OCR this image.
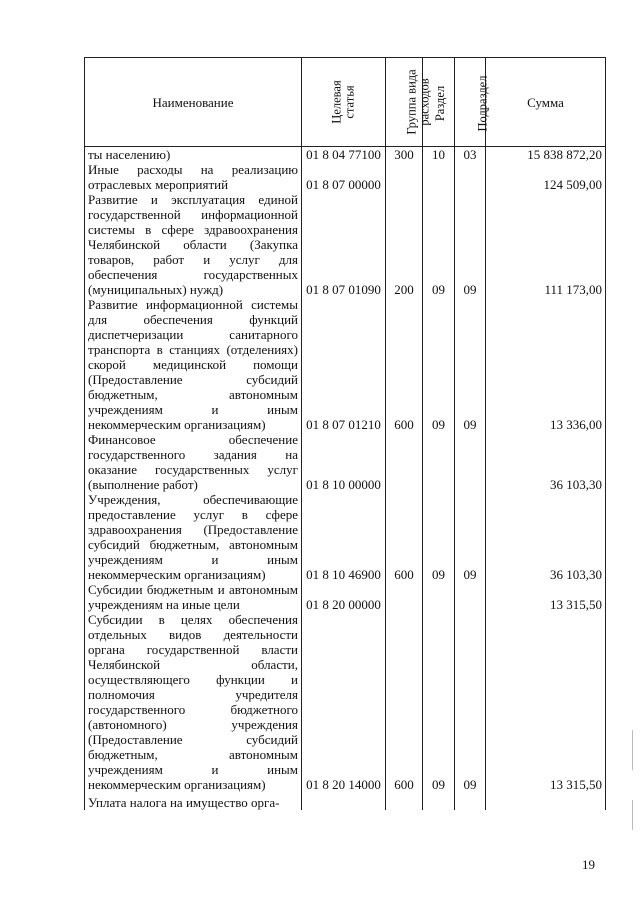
Наименование	Целевая статья	Группа вида расходов	Раздел	Подраздел	Сумма
ты населению)	01 8 04 77100	300	10	03	15 838 872,20
Иные расходы на реализацию отраслевых мероприятий	01 8 07 00000				124 509,00
Развитие и эксплуатация единой государственной информационной системы в сфере здравоохранения Челябинской области (Закупка товаров, работ и услуг для обеспечения государственных (муниципальных) нужд)	01 8 07 01090	200	09	09	111 173,00
Развитие информационной системы для обеспечения функций диспетчеризации санитарного транспорта в станциях (отделениях) скорой медицинской помощи (Предоставление субсидий бюджетным, автономным учреждениям и иным некоммерческим организациям)	01 8 07 01210	600	09	09	13 336,00
Финансовое обеспечение государственного задания на оказание государственных услуг (выполнение работ)	01 8 10 00000				36 103,30
Учреждения, обеспечивающие предоставление услуг в сфере здравоохранения (Предоставление субсидий бюджетным, автономным учреждениям и иным некоммерческим организациям)	01 8 10 46900	600	09	09	36 103,30
Субсидии бюджетным и автономным учреждениям на иные цели	01 8 20 00000				13 315,50
Субсидии в целях обеспечения отдельных видов деятельности органа государственной власти Челябинской области, осуществляющего функции и полномочия учредителя государственного бюджетного (автономного) учреждения (Предоставление субсидий бюджетным, автономным учреждениям и иным некоммерческим организациям)	01 8 20 14000	600	09	09	13 315,50
Уплата налога на имущество орга-					
19
